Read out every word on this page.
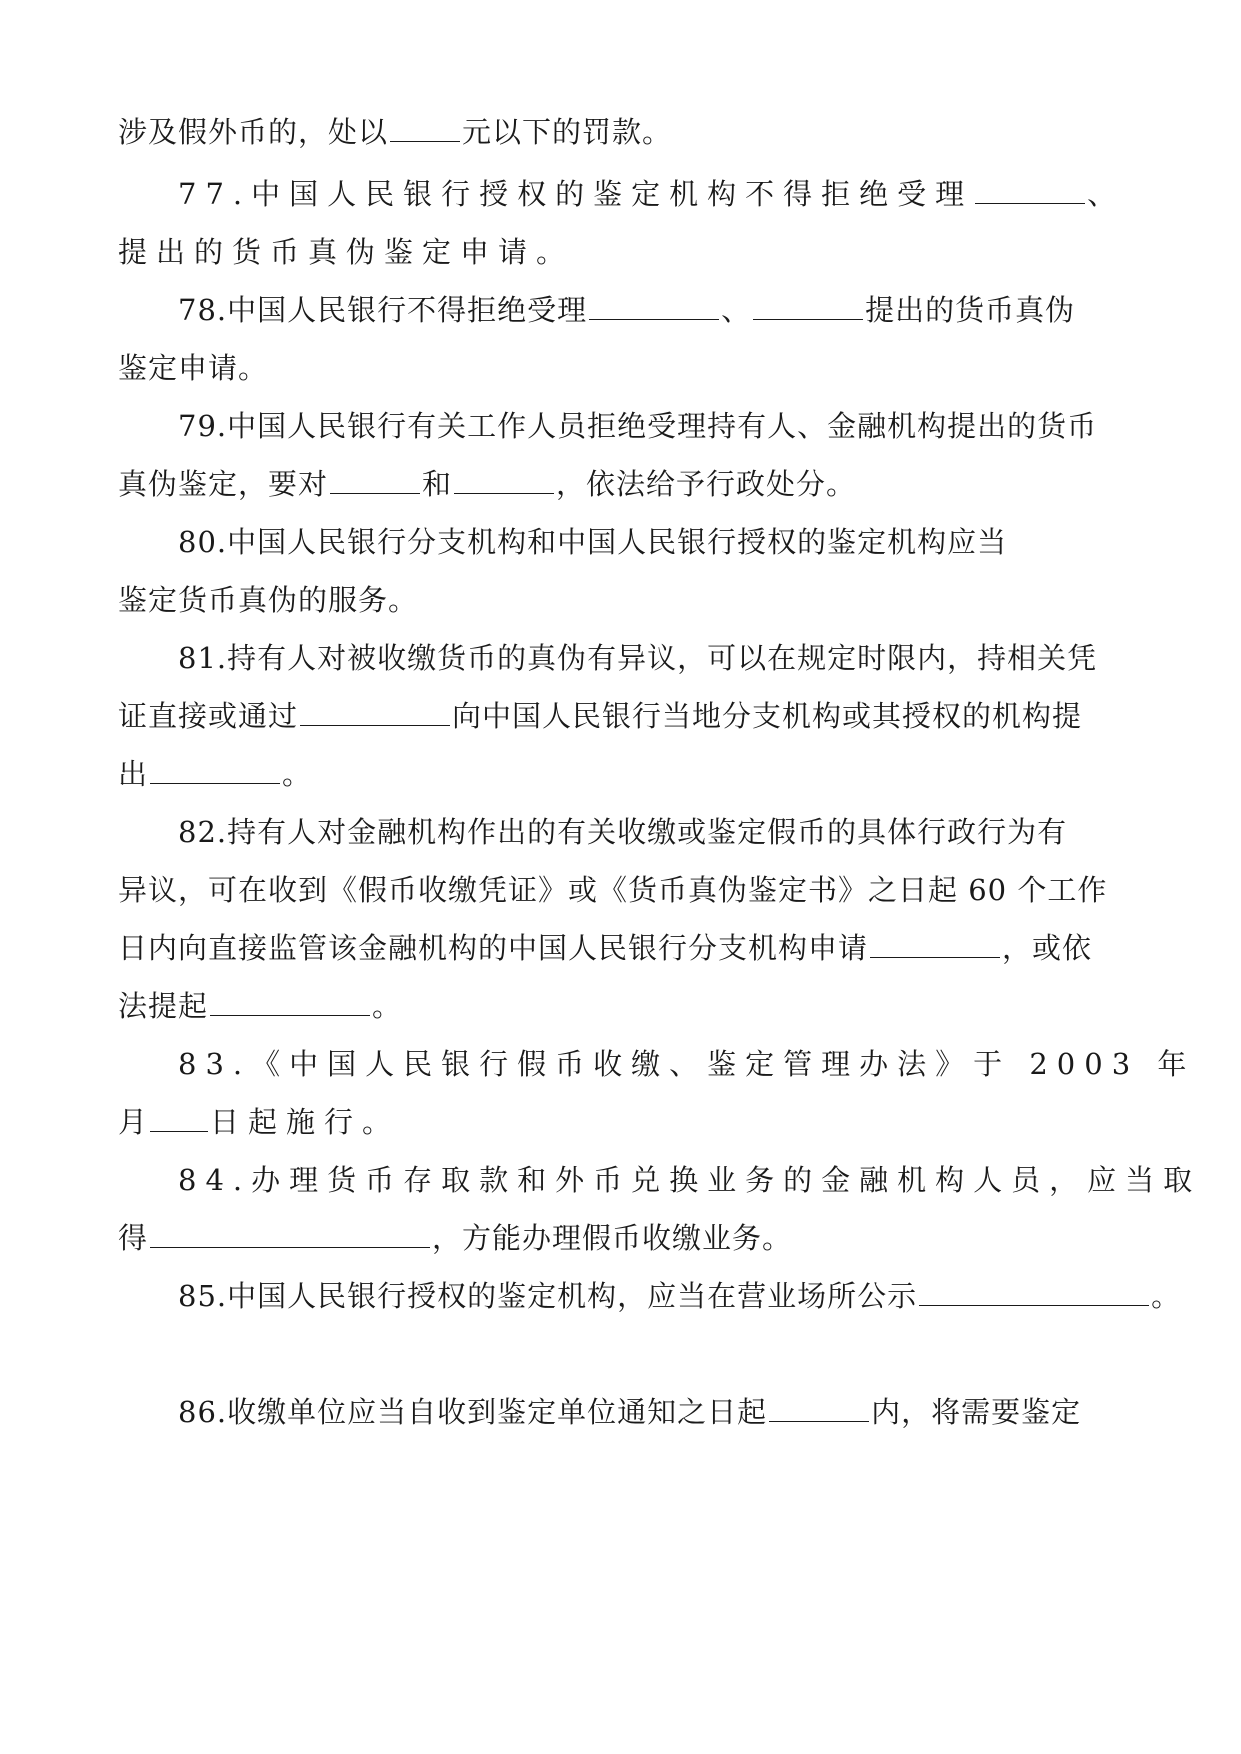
涉及假外币的，处以	元以下的罚款。
77.中国人民银行授权的鉴定机构不得拒绝受理	、
提出的货币真伪鉴定申请。
78.中国人民银行不得拒绝受理	、	提出的货币真伪
鉴定申请。
79.中国人民银行有关工作人员拒绝受理持有人、金融机构提出的货币
真伪鉴定，要对	和	，依法给予行政处分。
80.中国人民银行分支机构和中国人民银行授权的鉴定机构应当
鉴定货币真伪的服务。
81.持有人对被收缴货币的真伪有异议，可以在规定时限内，持相关凭
证直接或通过	向中国人民银行当地分支机构或其授权的机构提
出	。
82.持有人对金融机构作出的有关收缴或鉴定假币的具体行政行为有
异议，可在收到《假币收缴凭证》或《货币真伪鉴定书》之日起 60 个工作
日内向直接监管该金融机构的中国人民银行分支机构申请	，或依
法提起	。
83.《中国人民银行假币收缴、鉴定管理办法》于 2003 年
月 日起施行。
84.办理货币存取款和外币兑换业务的金融机构人员，应当取
得	，方能办理假币收缴业务。
85.中国人民银行授权的鉴定机构，应当在营业场所公示	。
86.收缴单位应当自收到鉴定单位通知之日起	内，将需要鉴定
